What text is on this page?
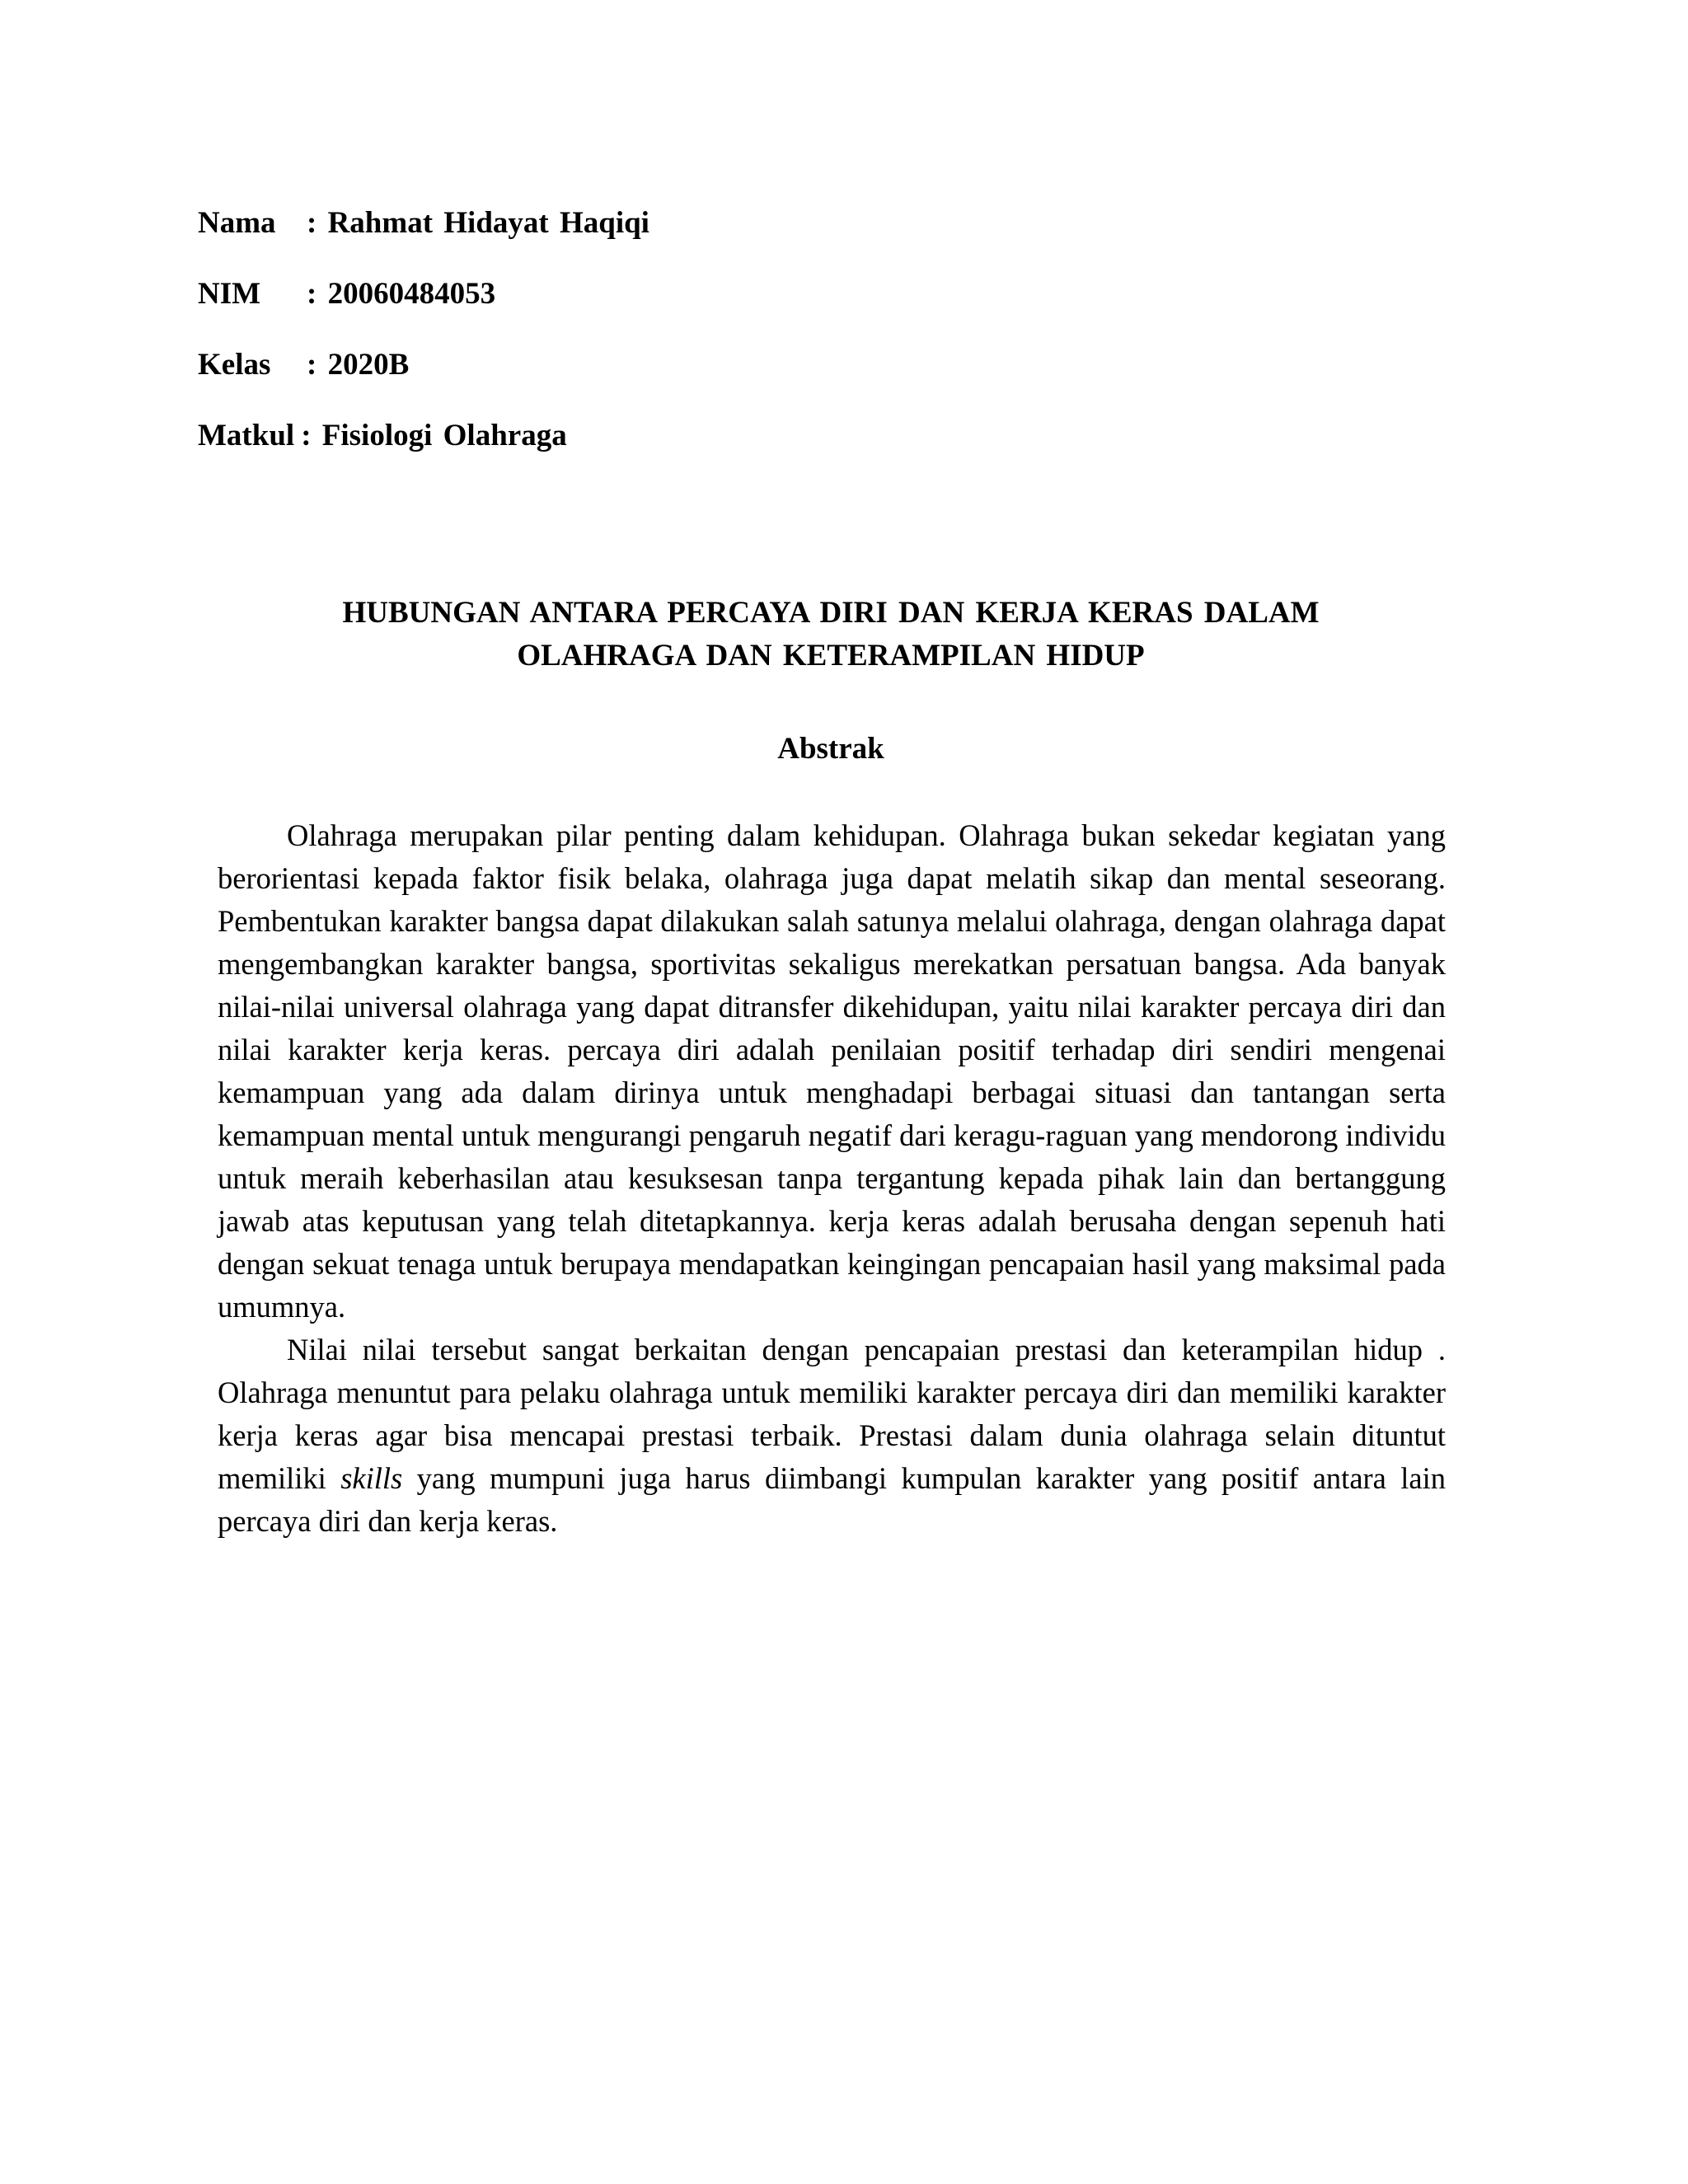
Nama : Rahmat Hidayat Haqiqi
NIM : 20060484053
Kelas : 2020B
Matkul : Fisiologi Olahraga
HUBUNGAN ANTARA PERCAYA DIRI DAN KERJA KERAS DALAM
OLAHRAGA DAN KETERAMPILAN HIDUP
Abstrak

Olahraga merupakan pilar penting dalam kehidupan. Olahraga bukan sekedar kegiatan yang berorientasi kepada faktor fisik belaka, olahraga juga dapat melatih sikap dan mental seseorang. Pembentukan karakter bangsa dapat dilakukan salah satunya melalui olahraga, dengan olahraga dapat mengembangkan karakter bangsa, sportivitas sekaligus merekatkan persatuan bangsa. Ada banyak nilai-nilai universal olahraga yang dapat ditransfer dikehidupan, yaitu nilai karakter percaya diri dan nilai karakter kerja keras. percaya diri adalah penilaian positif terhadap diri sendiri mengenai kemampuan yang ada dalam dirinya untuk menghadapi berbagai situasi dan tantangan serta kemampuan mental untuk mengurangi pengaruh negatif dari keragu-raguan yang mendorong individu untuk meraih keberhasilan atau kesuksesan tanpa tergantung kepada pihak lain dan bertanggung jawab atas keputusan yang telah ditetapkannya. kerja keras adalah berusaha dengan sepenuh hati dengan sekuat tenaga untuk berupaya mendapatkan keingingan pencapaian hasil yang maksimal pada umumnya.

Nilai nilai tersebut sangat berkaitan dengan pencapaian prestasi dan keterampilan hidup . Olahraga menuntut para pelaku olahraga untuk memiliki karakter percaya diri dan memiliki karakter kerja keras agar bisa mencapai prestasi terbaik. Prestasi dalam dunia olahraga selain dituntut memiliki skills yang mumpuni juga harus diimbangi kumpulan karakter yang positif antara lain percaya diri dan kerja keras.
